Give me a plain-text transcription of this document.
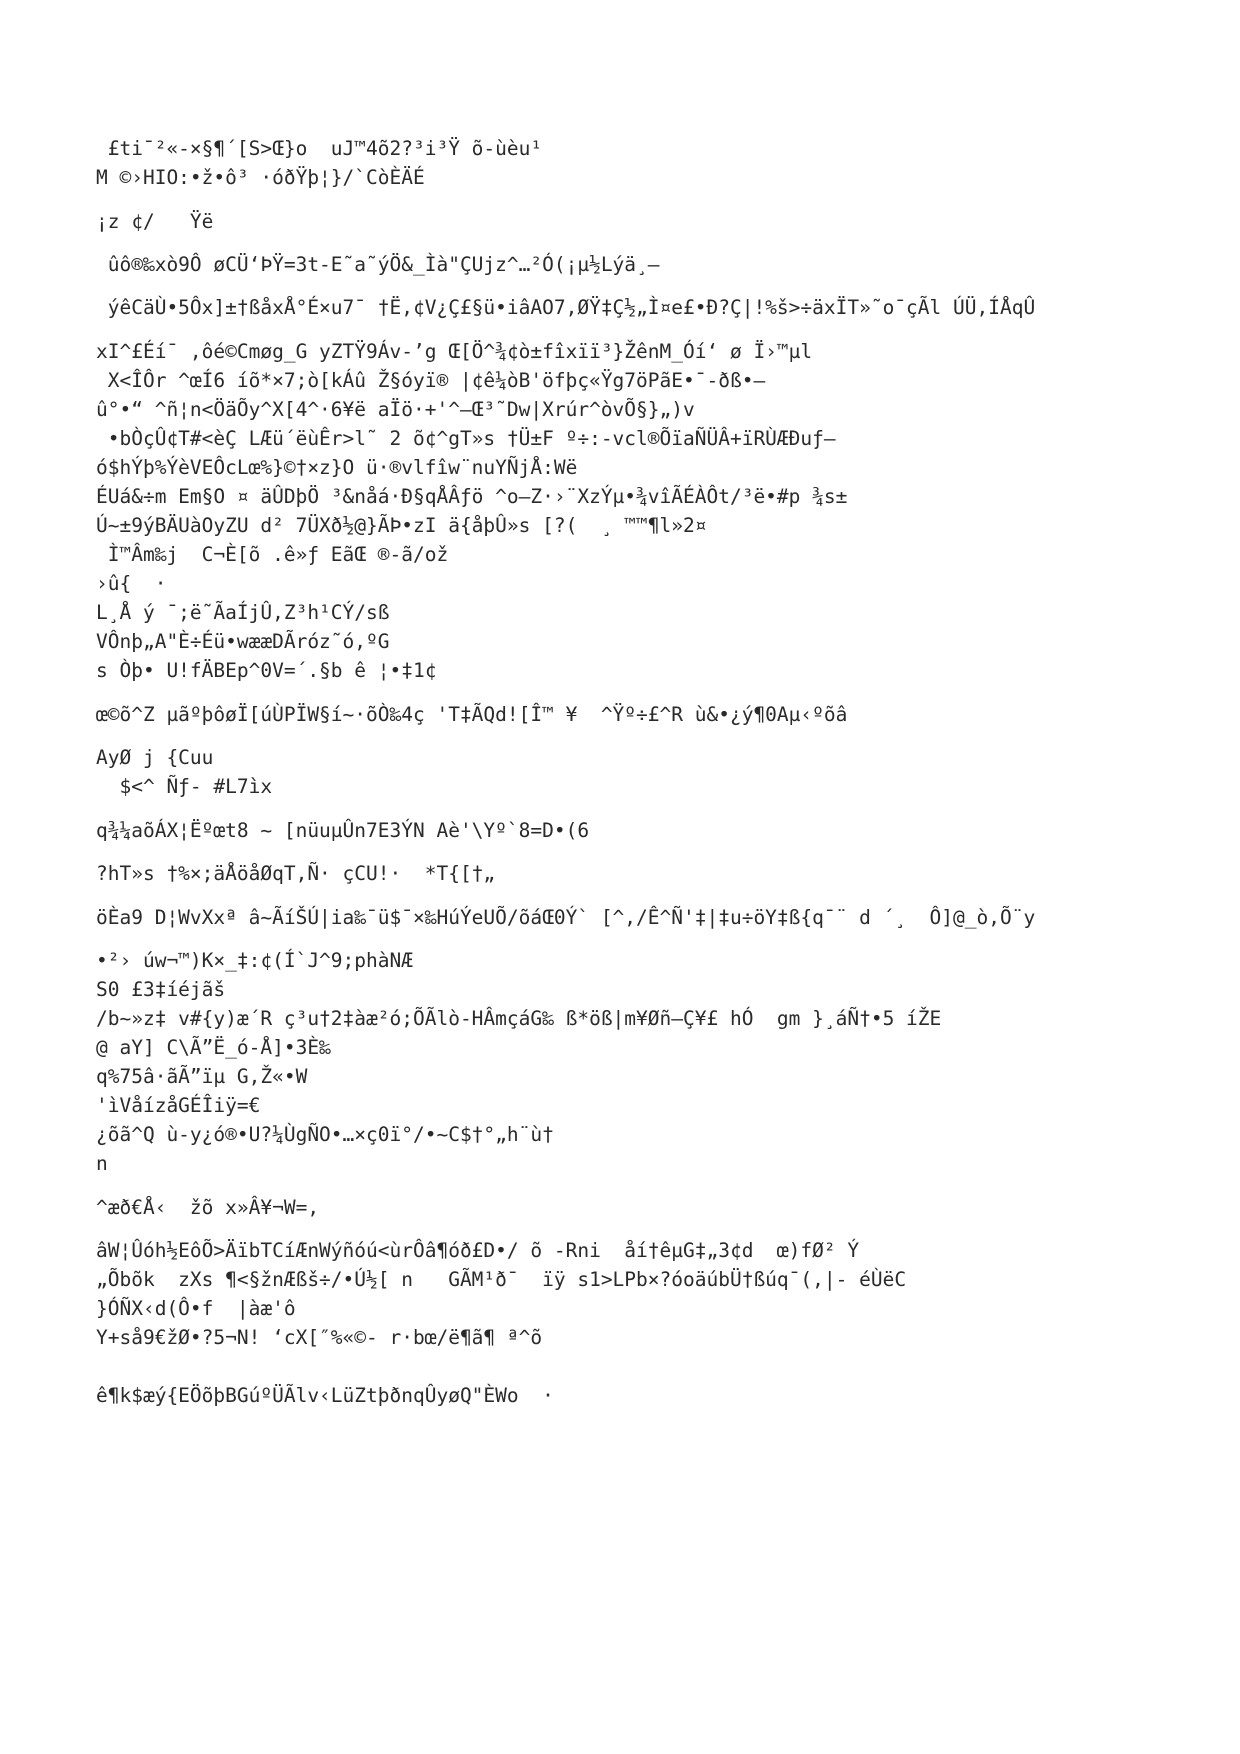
£ti¯²«-×§¶´[S>Œ}o  uJ™4õ2?³i³Ÿ õ-ùèu¹

M ©›HIO:•ž•ô³ ·óðŸþ¦}/`CòÈÄÉ

¡z ¢/   Ÿë

ûô®‰xò9Ô øCÜ‘ÞŸ=3t-E˜a˜ýÖ&_Ìà"ÇUjz^…²Ó(¡µ½Lýä¸—

ýêCäÙ•5Ôx]±†ßåxÅ°É×u7¯ †Ë,¢V¿Ç£§ü•iâAO7,ØŸ‡Ç½„Ì¤e£•Ð?Ç|!%š>÷äxÏT»˜o¯çÃl ÚÜ,ÍÅqÛ

xI^£Éí¯ ,ôé©Cmøg_G yZTŸ9Áv-’g Œ[Ö^¾¢ò±fîxïï³}ŽênM_Óí‘ ø Ï›™µl

X<ÎÔr ^œÍ6 íõ*×7;ò[kÁû Ž§óyï® |¢ê¼òB'öfþç«Ÿg7öPãE•¯-ðß•—

û°•“ ^ñ¦n<ÖäÕy^X[4^·6¥ë aÏö·+'^—Œ³˜Dw|Xrúr^òvÕ§}„)v

•bÒçÛ¢T#<èÇ LÆü´ëùÊr>l˜ 2 õ¢^gT»s †Ü±F º÷:-vcl®ÕïaÑÜÂ+ïRÙÆÐuƒ—

ó$hÝþ%ÝèVEÔcLœ%}©†×z}O ü·®vlfîw¨nuYÑjÅ:Wë

ÉUá&÷m Em§O ¤ äÛDþÖ ³&nåá·Ð§qÅÂƒö ^o—Z·›¨XzÝµ•¾vîÃÉÀÔt/³ë•#p ¾s±

Ú~±9ýBÄUàOyZU d² 7ÜXð½@}ÃÞ•zI ä{åþÛ»s [?(  ¸ ™™¶l»2¤

Ì™Âm‰j  C¬È[õ .ê»ƒ EãŒ ®-ã/ož

›û{  ·

L¸Å ý ¯;ë˜ÃaÍjÛ,Z³h¹CÝ/sß

VÔnþ„A"È÷Éü•wææDÃróz˜ó,ºG

s Òþ• U!fÄBEp^0V=´.§b ê ¦•‡1¢

œ©õ^Z µãºþôøÏ[úÙPÏW§í~·õÒ‰4ç 'T‡ÃQd![Î™ ¥  ^Ÿº÷£^R ù&•¿ý¶0Aµ‹ºõâ

AyØ j {Cuu

$<^ Ñƒ- #L7ìx

q¾¼aõÁX¦Ëºœt8 ~ [nüuµÛn7E3ÝN Aè'\Yº`8=D•(6

?hT»s †%×;äÅöåØqT,Ñ· çCU!·  *T{[†„

öÈa9 D¦WvXxª â~ÃíŠÚ|ia‰¯ü$¯×‰HúÝeUÕ/õáŒ0Ý` [^,/Ê^Ñ'‡|‡u÷öY‡ß{q¯¨ d ´¸  Ô]@_ò,Õ¨y

•²› úw¬™)K×_‡:¢(Í`J^9;phàNÆ

S0 £3‡íéjãš

/b~»z‡ v#{y)æ´R ç³u†2‡àæ²ó;ÕÃlò-HÂmçáG‰ ß*öß|m¥Øñ—Ç¥£ hÓ  gm }¸áÑ†•5 íŽE

@ aY] C\Ã”Ë_ó-Å]•3È‰

q%75â·ãÃ”ïµ G,Ž«•W

'ìVåízåGÉÎiÿ=€

¿õã^Q ù-y¿ó®•U?¼ÙgÑO•…×ç0ï°/•~C$†°„h¨ù†

n

^æð€Å‹  žõ x»Â¥¬W=,

âW¦Ûóh½EôÕ>ÄïbTCíÆnWýñóú<ùrÔâ¶óð£D•/ õ -Rni  åí†êµG‡„3¢d  œ)fØ² Ý

„Õbõk  zXs ¶<§žnÆßš÷/•Ú½[ n   GÃM¹ð¯  ïÿ s1>LPb×?óoäúbÜ†ßúq¯(,|- éÙëC

}ÓÑX‹d(Ô•f  |àæ'ô

Y+så9€žØ•?5¬N! ‘cX[″%«©- r·bœ/ë¶ã¶ ª^õ

ê¶k$æý{EÖõþBGúºÜÃlv‹LüZtþðnqÛyøQ"ÈWo  ·
